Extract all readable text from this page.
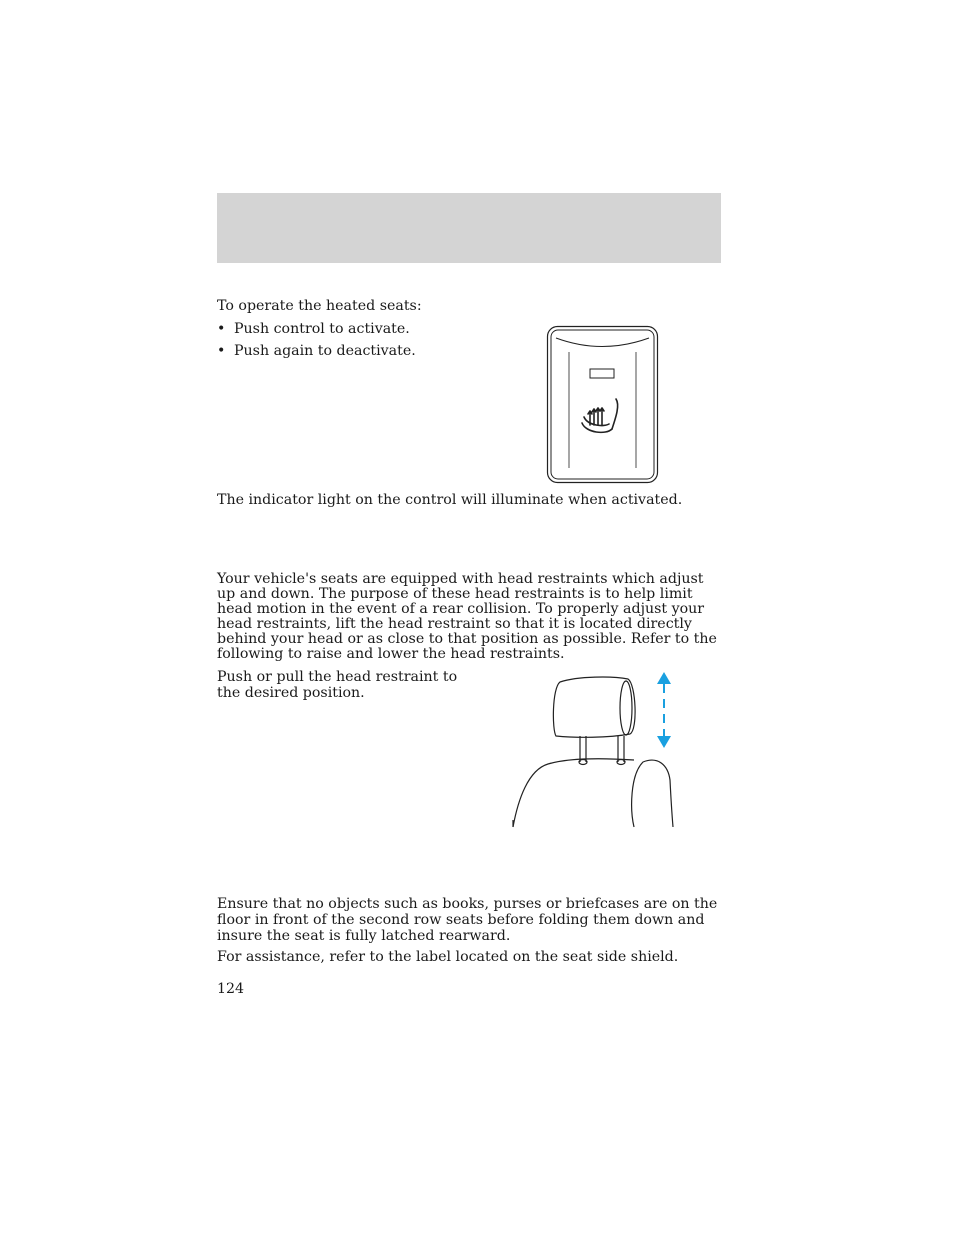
To operate the heated seats:

• Push control to activate.
• Push again to deactivate.

The indicator light on the control will illuminate when activated.

Your vehicle's seats are equipped with head restraints which adjust up and down. The purpose of these head restraints is to help limit head motion in the event of a rear collision. To properly adjust your head restraints, lift the head restraint so that it is located directly behind your head or as close to that position as possible. Refer to the following to raise and lower the head restraints.

Push or pull the head restraint to the desired position.

Ensure that no objects such as books, purses or briefcases are on the floor in front of the second row seats before folding them down and insure the seat is fully latched rearward.

For assistance, refer to the label located on the seat side shield.

124
